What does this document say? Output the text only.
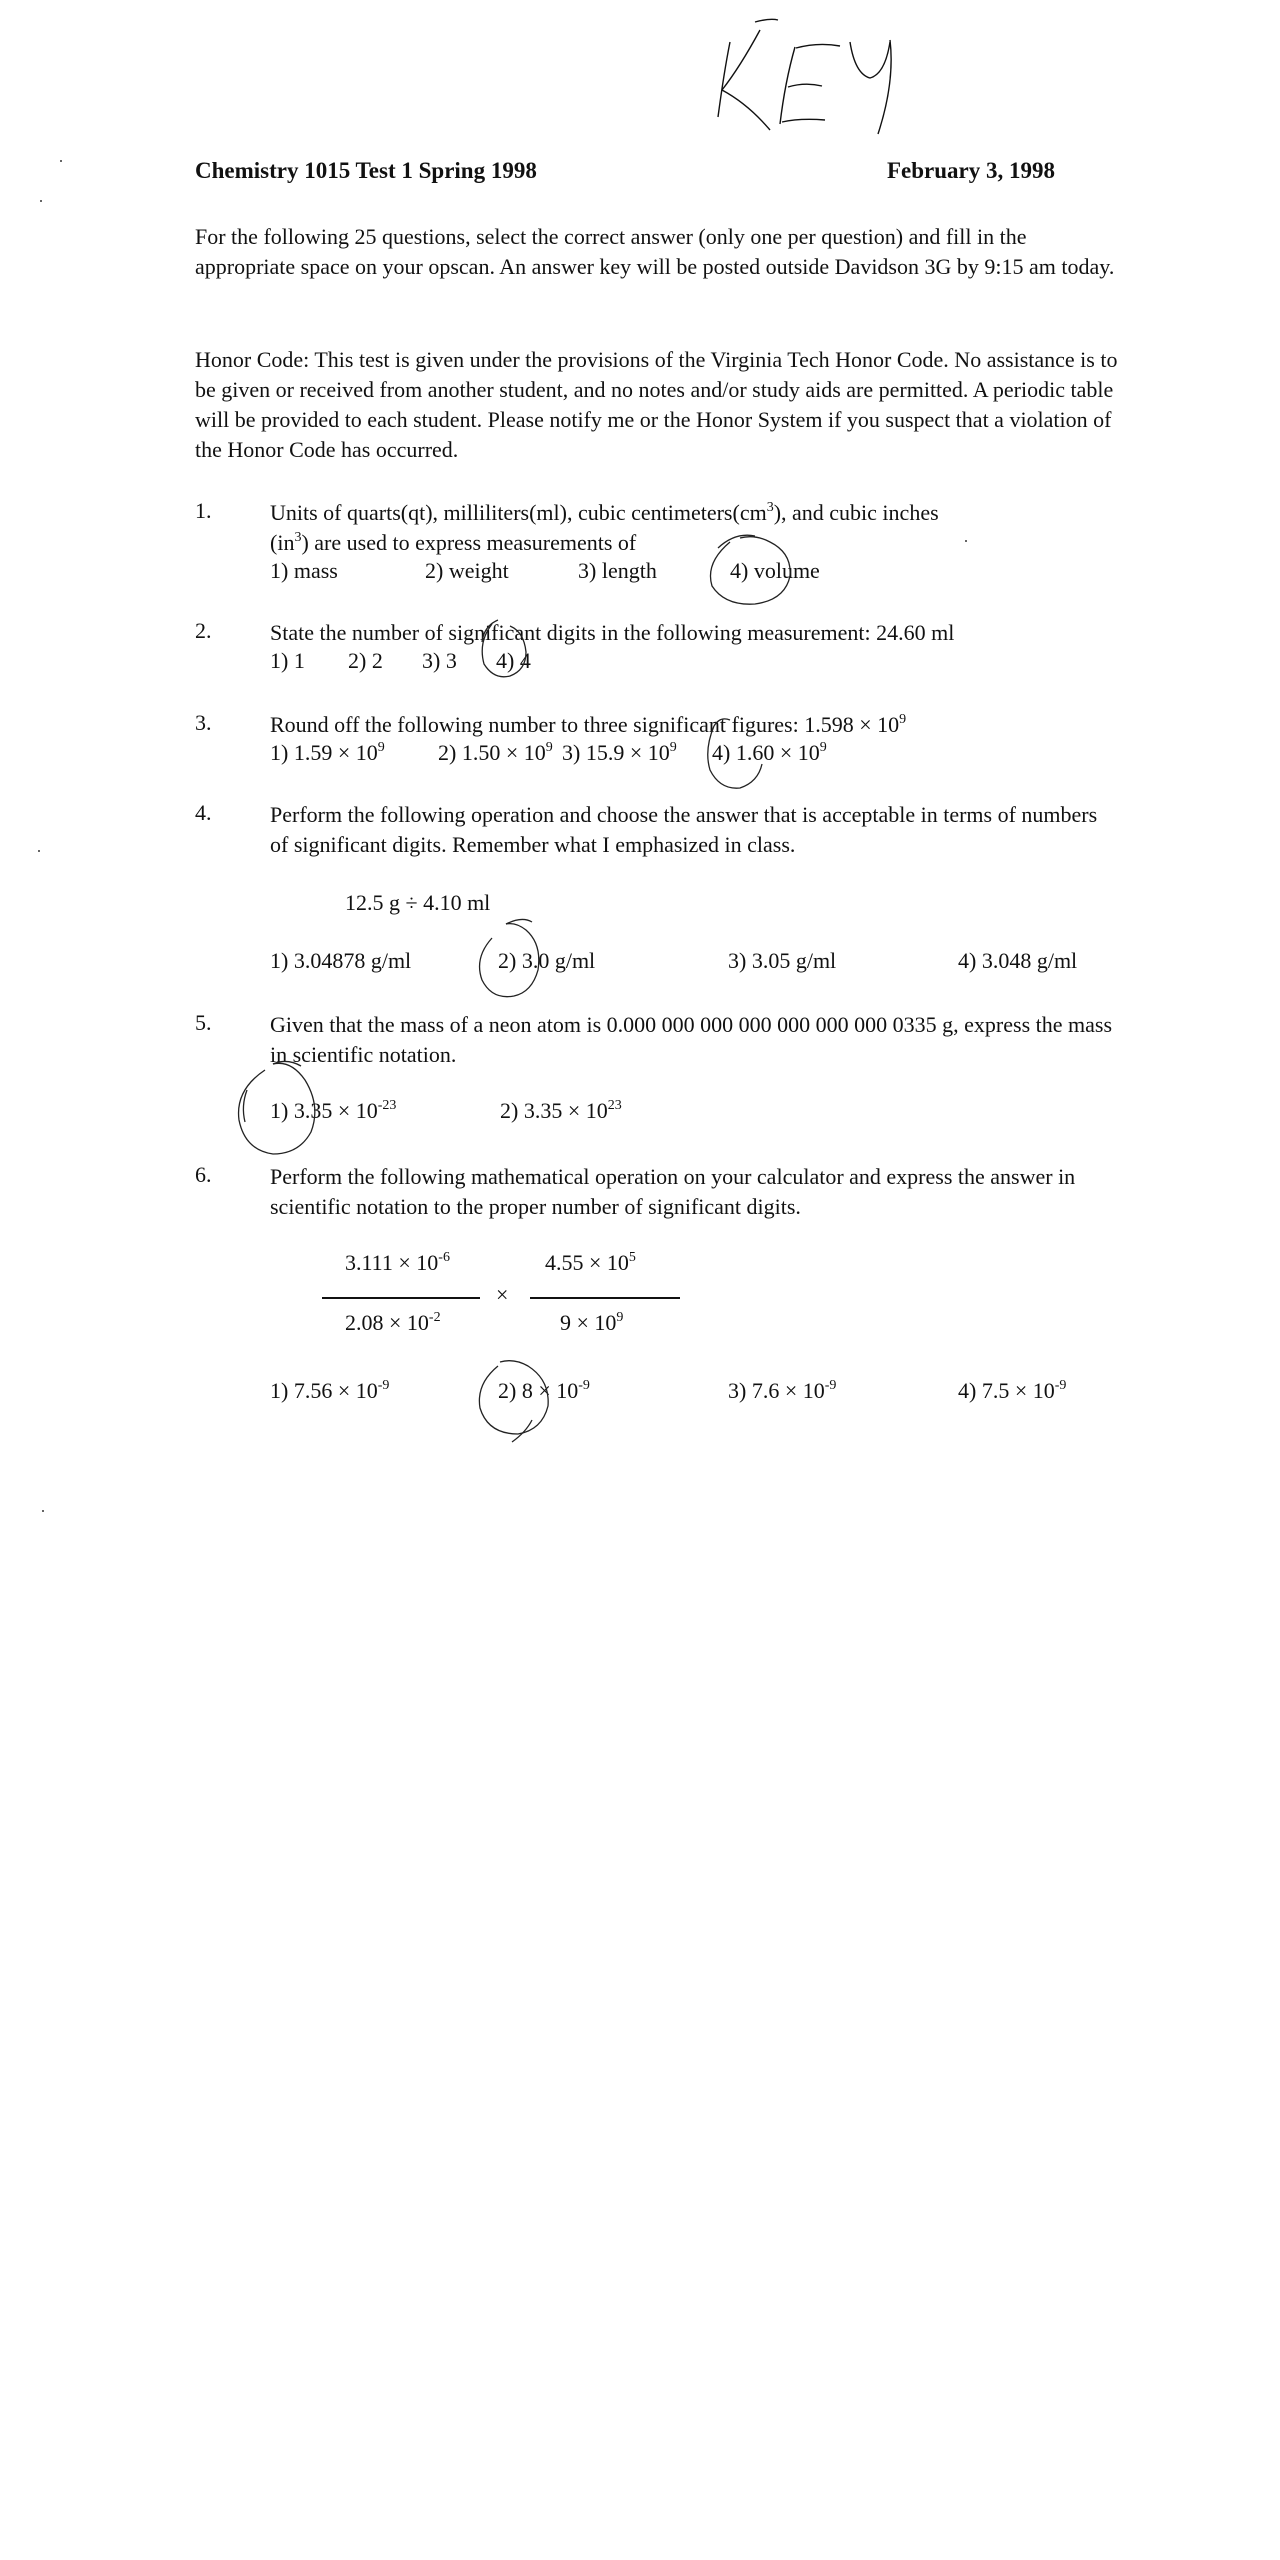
Chemistry 1015 Test 1 Spring 1998	February 3, 1998
For the following 25 questions, select the correct answer (only one per question) and fill in the appropriate space on your opscan. An answer key will be posted outside Davidson 3G by 9:15 am today.
Honor Code: This test is given under the provisions of the Virginia Tech Honor Code. No assistance is to be given or received from another student, and no notes and/or study aids are permitted. A periodic table will be provided to each student. Please notify me or the Honor System if you suspect that a violation of the Honor Code has occurred.
1.	Units of quarts(qt), milliliters(ml), cubic $centimeters(cm^3)$, and cubic inches
$(in^3)$ are used to express measurements of
1) mass	2) weight	3) length	4) volume
2.	State the number of significant digits in the following measurement: 24.60 ml
1) 1 2) 2 3) 3 4) 4
3.	Round off the following number to three significant figures: $1.598 \times 10^9$
1) $1.59 \times 10^9$ 2) $1.50 \times 10^9$ 3) $15.9 \times 10^9$ 4) $1.60 \times 10^9$
4.	Perform the following operation and choose the answer that is acceptable in terms of numbers of significant digits. Remember what I emphasized in class.
12.5 g ÷ 4.10 ml
1) 3.04878 g/ml	2) 3.0 g/ml	3) 3.05 g/ml	4) 3.048 g/ml
5.	Given that the mass of a neon atom is 0.000 000 000 000 000 000 000 0335 g, express the mass in scientific notation.
1) $3.35 \times 10^{-23}$	2) $3.35 \times 10^{23}$
6.	Perform the following mathematical operation on your calculator and express the answer in scientific notation to the proper number of significant digits.
$3.111 \times 10^{-6}$
$2.08 \times 10^{-2}$
×
$4.55 \times 10^5$
$9 \times 10^9$
1) $7.56 \times 10^{-9}$	2) $8 \times 10^{-9}$	3) $7.6 \times 10^{-9}$	4) $7.5 \times 10^{-9}$
